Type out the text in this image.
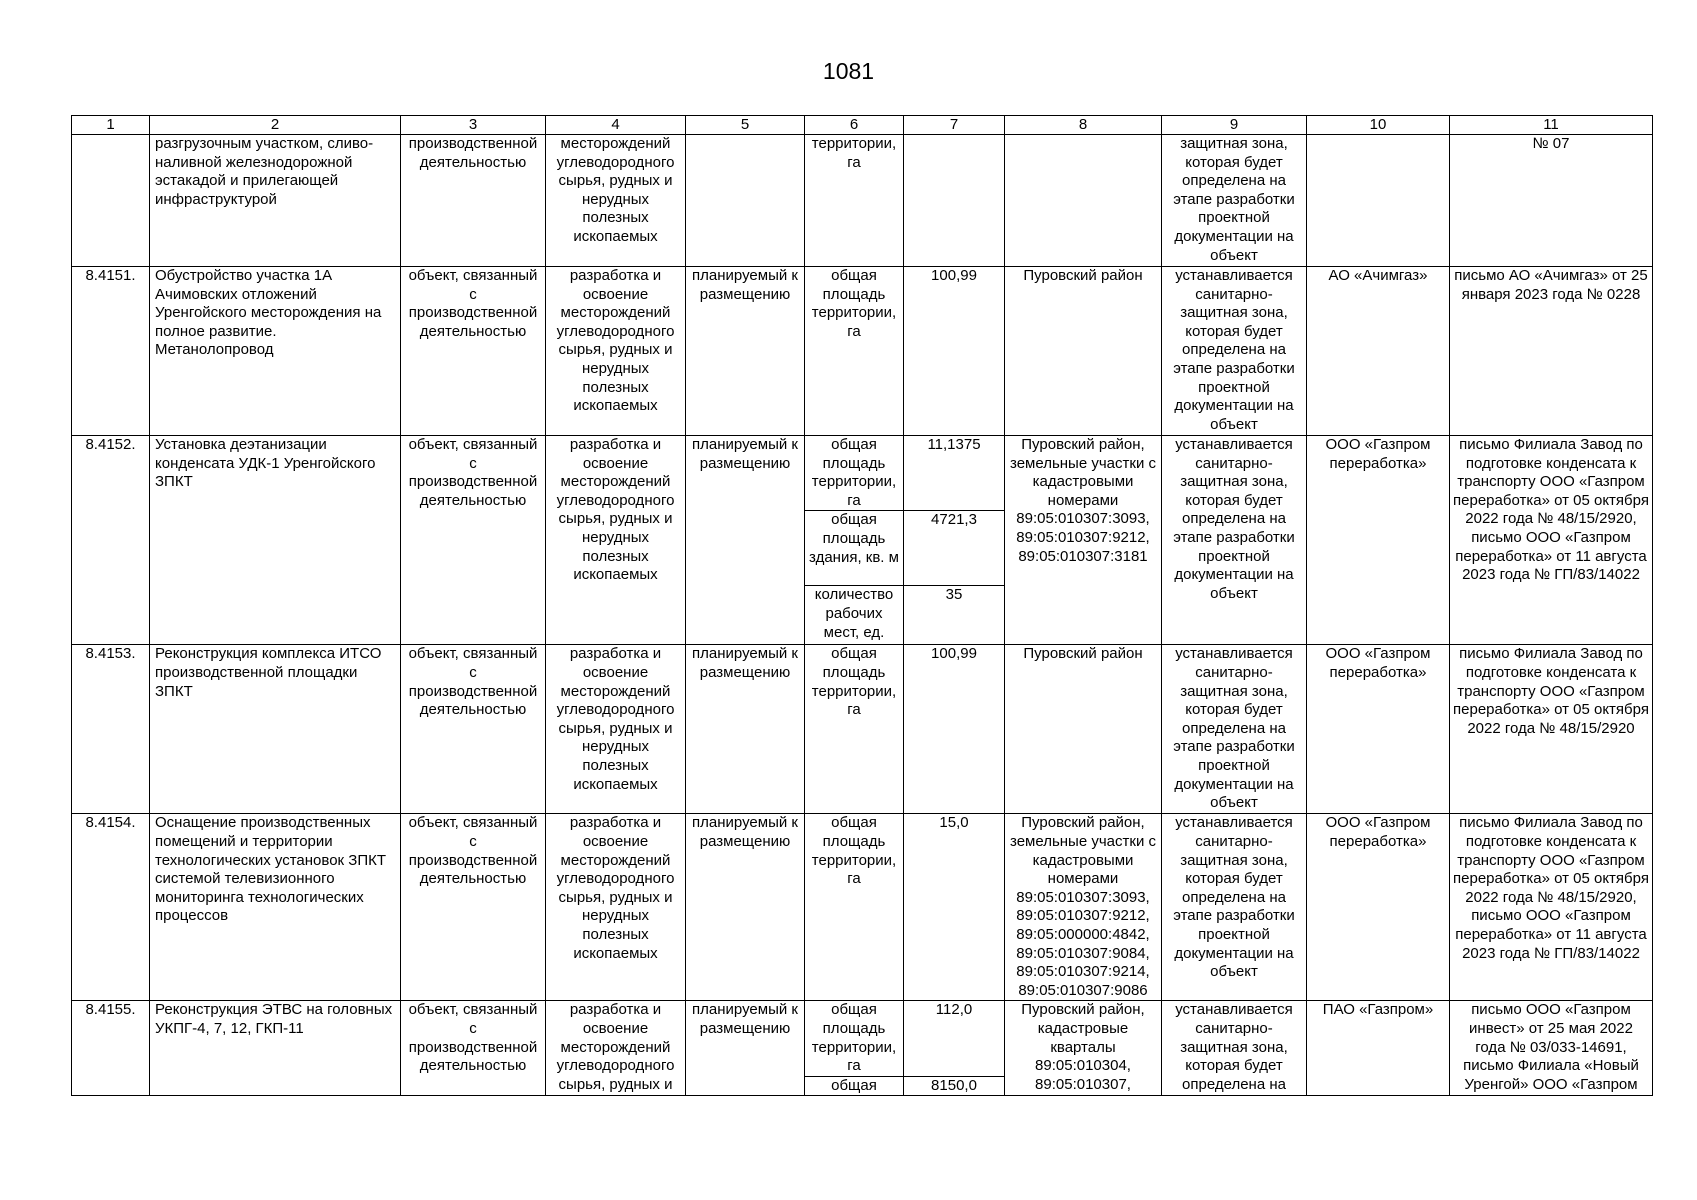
1081
1	2	3	4	5	6	7	8	9	10	11
	разгрузочным участком, сливо-наливной железнодорожной эстакадой и прилегающей инфраструктурой	производственной деятельностью	месторождений углеводородного сырья, рудных и нерудных полезных ископаемых		территории, га			защитная зона, которая будет определена на этапе разработки проектной документации на объект		№ 07
8.4151.	Обустройство участка 1А Ачимовских отложений Уренгойского месторождения на полное развитие. Метанолопровод	объект, связанный с производственной деятельностью	разработка и освоение месторождений углеводородного сырья, рудных и нерудных полезных ископаемых	планируемый к размещению	общая площадь территории, га	100,99	Пуровский район	устанавливается санитарно-защитная зона, которая будет определена на этапе разработки проектной документации на объект	АО «Ачимгаз»	письмо АО «Ачимгаз» от 25 января 2023 года № 0228
8.4152.	Установка деэтанизации конденсата УДК-1 Уренгойского ЗПКТ	объект, связанный с производственной деятельностью	разработка и освоение месторождений углеводородного сырья, рудных и нерудных полезных ископаемых	планируемый к размещению	общая площадь территории, га	11,1375	Пуровский район, земельные участки с кадастровыми номерами 89:05:010307:3093, 89:05:010307:9212, 89:05:010307:3181	устанавливается санитарно-защитная зона, которая будет определена на этапе разработки проектной документации на объект	ООО «Газпром переработка»	письмо Филиала Завод по подготовке конденсата к транспорту ООО «Газпром переработка» от 05 октября 2022 года № 48/15/2920, письмо ООО «Газпром переработка» от 11 августа 2023 года № ГП/83/14022
					общая площадь здания, кв. м	4721,3				
					количество рабочих мест, ед.	35				
8.4153.	Реконструкция комплекса ИТСО производственной площадки ЗПКТ	объект, связанный с производственной деятельностью	разработка и освоение месторождений углеводородного сырья, рудных и нерудных полезных ископаемых	планируемый к размещению	общая площадь территории, га	100,99	Пуровский район	устанавливается санитарно-защитная зона, которая будет определена на этапе разработки проектной документации на объект	ООО «Газпром переработка»	письмо Филиала Завод по подготовке конденсата к транспорту ООО «Газпром переработка» от 05 октября 2022 года № 48/15/2920
8.4154.	Оснащение производственных помещений и территории технологических установок ЗПКТ системой телевизионного мониторинга технологических процессов	объект, связанный с производственной деятельностью	разработка и освоение месторождений углеводородного сырья, рудных и нерудных полезных ископаемых	планируемый к размещению	общая площадь территории, га	15,0	Пуровский район, земельные участки с кадастровыми номерами 89:05:010307:3093, 89:05:010307:9212, 89:05:000000:4842, 89:05:010307:9084, 89:05:010307:9214, 89:05:010307:9086	устанавливается санитарно-защитная зона, которая будет определена на этапе разработки проектной документации на объект	ООО «Газпром переработка»	письмо Филиала Завод по подготовке конденсата к транспорту ООО «Газпром переработка» от 05 октября 2022 года № 48/15/2920, письмо ООО «Газпром переработка» от 11 августа 2023 года № ГП/83/14022
8.4155.	Реконструкция ЭТВС на головных УКПГ-4, 7, 12, ГКП-11	объект, связанный с производственной деятельностью	разработка и освоение месторождений углеводородного сырья, рудных и	планируемый к размещению	общая площадь территории, га	112,0	Пуровский район, кадастровые кварталы 89:05:010304, 89:05:010307,	устанавливается санитарно-защитная зона, которая будет определена на	ПАО «Газпром»	письмо ООО «Газпром инвест» от 25 мая 2022 года № 03/033-14691, письмо Филиала «Новый Уренгой» ООО «Газпром
					общая	8150,0				
